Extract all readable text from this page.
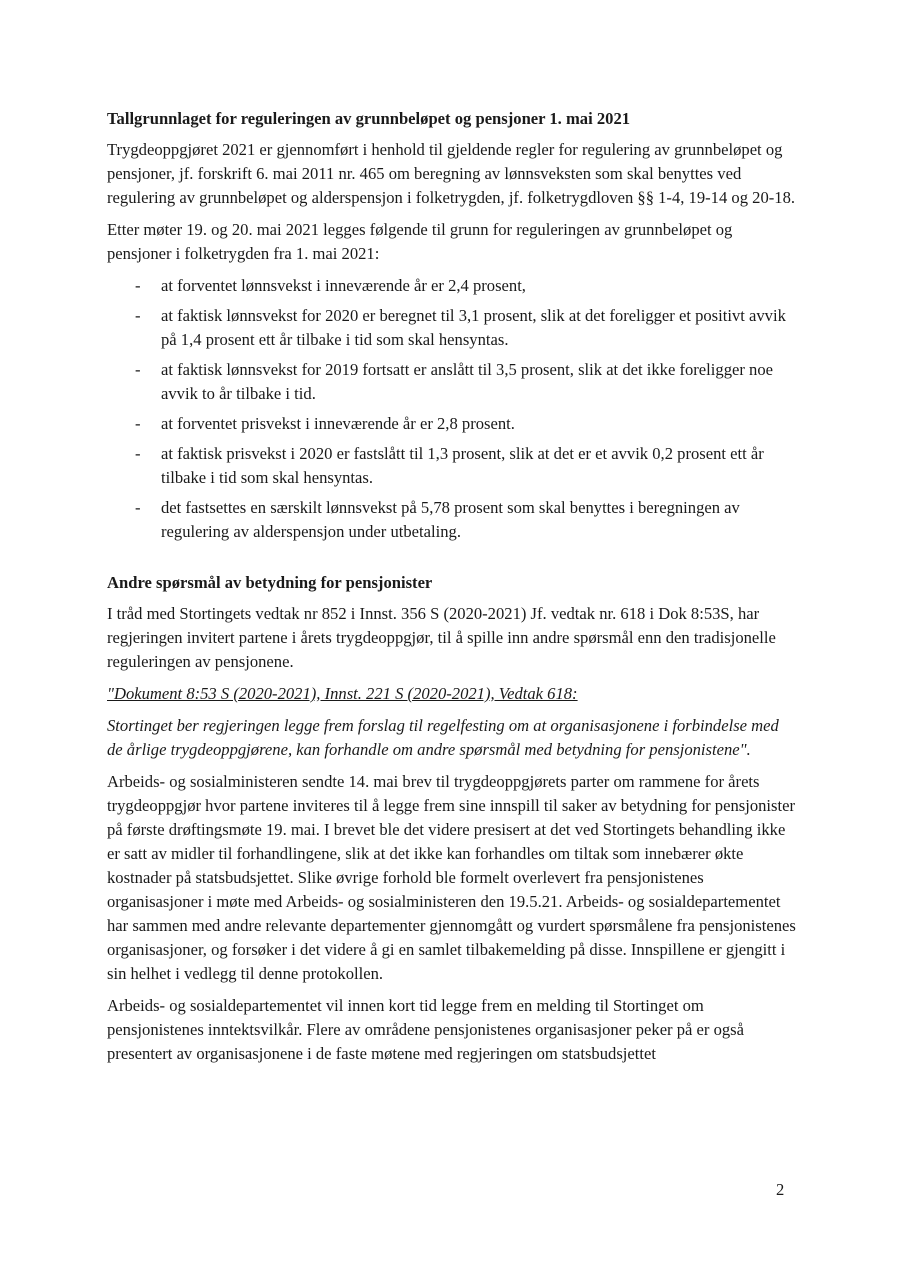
Tallgrunnlaget for reguleringen av grunnbeløpet og pensjoner 1. mai 2021

Trygdeoppgjøret 2021 er gjennomført i henhold til gjeldende regler for regulering av grunnbeløpet og pensjoner, jf. forskrift 6. mai 2011 nr. 465 om beregning av lønnsveksten som skal benyttes ved regulering av grunnbeløpet og alderspensjon i folketrygden, jf. folketrygdloven §§ 1-4, 19-14 og 20-18.

Etter møter 19. og 20. mai 2021 legges følgende til grunn for reguleringen av grunnbeløpet og pensjoner i folketrygden fra 1. mai 2021:

- at forventet lønnsvekst i inneværende år er 2,4 prosent,
- at faktisk lønnsvekst for 2020 er beregnet til 3,1 prosent, slik at det foreligger et positivt avvik på 1,4 prosent ett år tilbake i tid som skal hensyntas.
- at faktisk lønnsvekst for 2019 fortsatt er anslått til 3,5 prosent, slik at det ikke foreligger noe avvik to år tilbake i tid.
- at forventet prisvekst i inneværende år er 2,8 prosent.
- at faktisk prisvekst i 2020 er fastslått til 1,3 prosent, slik at det er et avvik 0,2 prosent ett år tilbake i tid som skal hensyntas.
- det fastsettes en særskilt lønnsvekst på 5,78 prosent som skal benyttes i beregningen av regulering av alderspensjon under utbetaling.
Andre spørsmål av betydning for pensjonister

I tråd med Stortingets vedtak nr 852 i Innst. 356 S (2020-2021) Jf. vedtak nr. 618 i Dok 8:53S, har regjeringen invitert partene i årets trygdeoppgjør, til å spille inn andre spørsmål enn den tradisjonelle reguleringen av pensjonene.

"Dokument 8:53 S (2020-2021), Innst. 221 S (2020-2021), Vedtak 618:

Stortinget ber regjeringen legge frem forslag til regelfesting om at organisasjonene i forbindelse med de årlige trygdeoppgjørene, kan forhandle om andre spørsmål med betydning for pensjonistene".

Arbeids- og sosialministeren sendte 14. mai brev til trygdeoppgjørets parter om rammene for årets trygdeoppgjør hvor partene inviteres til å legge frem sine innspill til saker av betydning for pensjonister på første drøftingsmøte 19. mai. I brevet ble det videre presisert at det ved Stortingets behandling ikke er satt av midler til forhandlingene, slik at det ikke kan forhandles om tiltak som innebærer økte kostnader på statsbudsjettet. Slike øvrige forhold ble formelt overlevert fra pensjonistenes organisasjoner i møte med Arbeids- og sosialministeren den 19.5.21. Arbeids- og sosialdepartementet har sammen med andre relevante departementer gjennomgått og vurdert spørsmålene fra pensjonistenes organisasjoner, og forsøker i det videre å gi en samlet tilbakemelding på disse. Innspillene er gjengitt i sin helhet i vedlegg til denne protokollen.

Arbeids- og sosialdepartementet vil innen kort tid legge frem en melding til Stortinget om pensjonistenes inntektsvilkår. Flere av områdene pensjonistenes organisasjoner peker på er også presentert av organisasjonene i de faste møtene med regjeringen om statsbudsjettet

2
